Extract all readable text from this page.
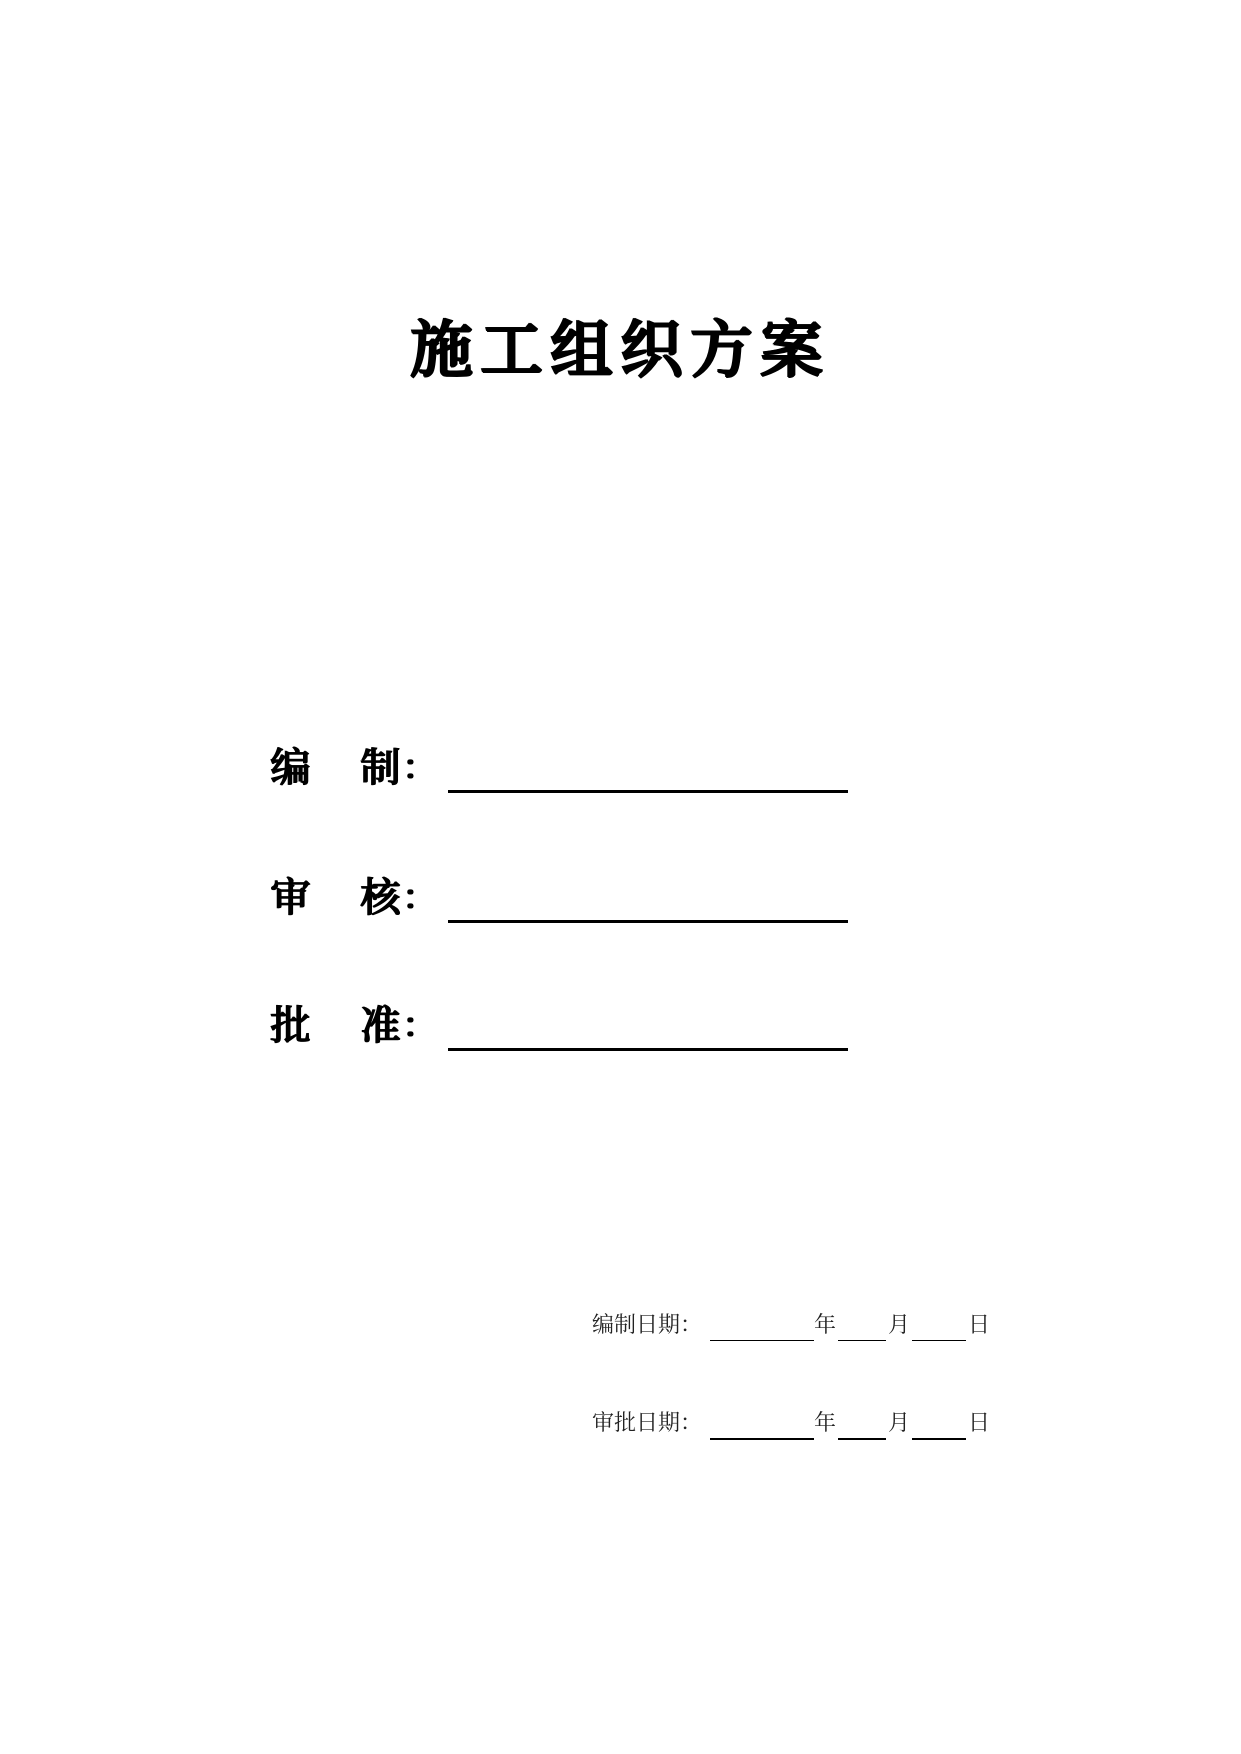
施工组织方案
编 制 ：
审 核 ：
批 准 ：
编制日期：	年 月	日
审批日期：	年 月	日
